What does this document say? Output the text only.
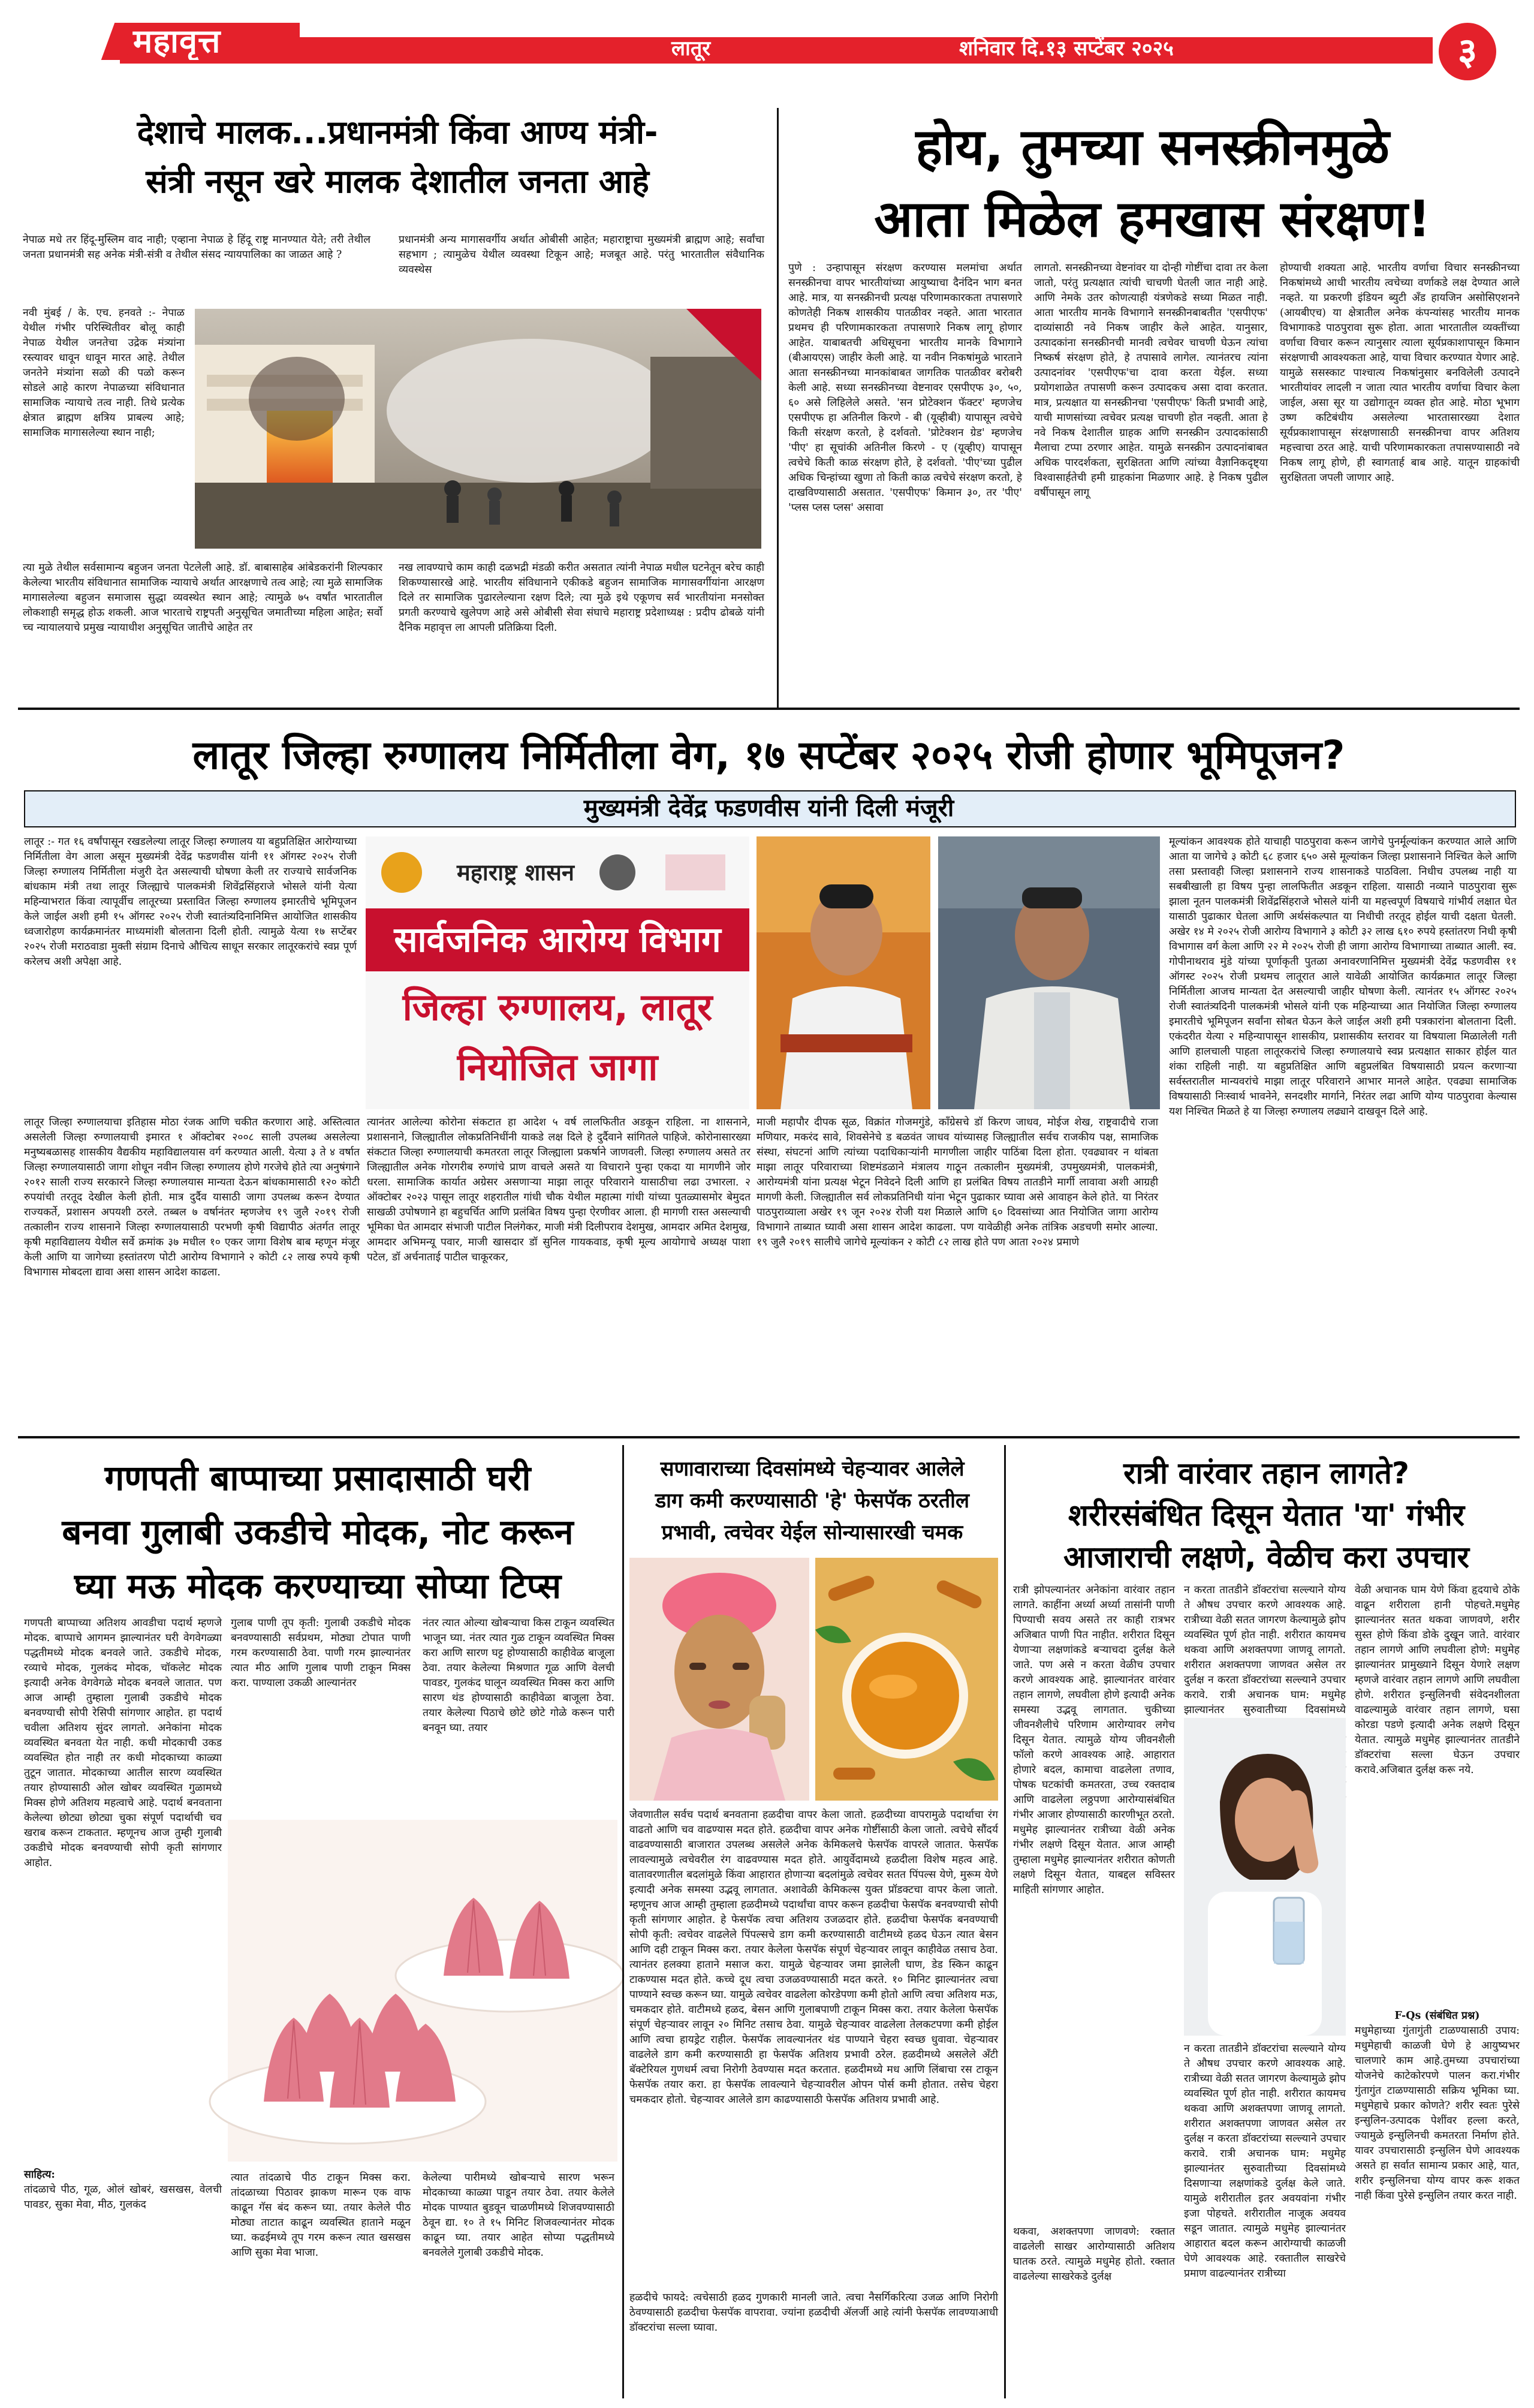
महावृत्त	लातूर	शनिवार दि.१३ सप्टेंबर २०२५	३
देशाचे मालक...प्रधानमंत्री किंवा आण्य मंत्री-
संत्री नसून खरे मालक देशातील जनता आहे

नेपाळ मधे तर हिंदू-मुस्लिम वाद नाही; एव्हाना नेपाळ हे हिंदू राष्ट्र मानण्यात येते; तरी तेथील जनता प्रधानमंत्री सह अनेक मंत्री-संत्री व तेथील संसद न्यायपालिका का जाळत आहे ?

प्रधानमंत्री अन्य मागासवर्गीय अर्थात ओबीसी आहेत; महाराष्ट्राचा मुख्यमंत्री ब्राह्मण आहे; सर्वांचा सहभाग ; त्यामुळेच येथील व्यवस्था टिकून आहे; मजबूत आहे. परंतु भारतातील संवैधानिक व्यवस्थेस

नवी मुंबई / के. एच. हनवते :- नेपाळ येथील गंभीर परिस्थितीवर बोलू काही नेपाळ येथील जनतेचा उद्रेक मंत्र्यांना रस्त्यावर धावून धावून मारत आहे. तेथील जनतेने मंत्र्यांना सळो की पळो करून सोडले आहे कारण नेपाळच्या संविधानात सामाजिक न्यायाचे तत्व नाही. तिथे प्रत्येक क्षेत्रात ब्राह्मण क्षत्रिय प्राबल्य आहे; सामाजिक मागासलेल्या स्थान नाही;

त्या मुळे तेथील सर्वसामान्य बहुजन जनता पेटलेली आहे. डॉ. बाबासाहेब आंबेडकरांनी शिल्पकार केलेल्या भारतीय संविधानात सामाजिक न्यायाचे अर्थात आरक्षणाचे तत्व आहे; त्या मुळे सामाजिक मागासलेल्या बहुजन समाजास सुद्धा व्यवस्थेत स्थान आहे; त्यामुळे ७५ वर्षांत भारतातील लोकशाही समृद्ध होऊ शकली. आज भारताचे राष्ट्रपती अनुसूचित जमातीच्या महिला आहेत; सर्वो च्च न्यायालयाचे प्रमुख न्यायाधीश अनुसूचित जातीचे आहेत तर

नख लावण्याचे काम काही दळभद्री मंडळी करीत असतात त्यांनी नेपाळ मधील घटनेतून बरेच काही शिकण्यासारखे आहे. भारतीय संविधानाने एकीकडे बहुजन सामाजिक मागासवर्गीयांना आरक्षण दिले तर सामाजिक पुढारलेल्याना रक्षण दिले; त्या मुळे इथे एकूणच सर्व भारतीयांना मनसोक्त प्रगती करण्याचे खुलेपण आहे असे ओबीसी सेवा संघाचे महाराष्ट्र प्रदेशाध्यक्ष : प्रदीप ढोबळे यांनी दैनिक महावृत्त ला आपली प्रतिक्रिया दिली.

होय, तुमच्या सनस्क्रीनमुळे
आता मिळेल हमखास संरक्षण!

पुणे : उन्हापासून संरक्षण करण्यास मलमांचा अर्थात सनस्क्रीनचा वापर भारतीयांच्या आयुष्याचा दैनंदिन भाग बनत आहे. मात्र, या सनस्क्रीनची प्रत्यक्ष परिणामकारकता तपासणारे कोणतेही निकष शासकीय पातळीवर नव्हते. आता भारतात प्रथमच ही परिणामकारकता तपासणारे निकष लागू होणार आहेत. याबाबतची अधिसूचना भारतीय मानके विभागाने (बीआयएस) जाहीर केली आहे. या नवीन निकषांमुळे भारताने आता सनस्क्रीनच्या मानकांबाबत जागतिक पातळीवर बरोबरी केली आहे. सध्या सनस्क्रीनच्या वेष्टनावर एसपीएफ ३०, ५०, ६० असे लिहिलेले असते. 'सन प्रोटेक्शन फॅक्टर' म्हणजेच एसपीएफ हा अतिनील किरणे - बी (यूव्हीबी) यापासून त्वचेचे किती संरक्षण करतो, हे दर्शवतो. 'प्रोटेक्शन ग्रेड' म्हणजेच 'पीए' हा सूचांकी अतिनील किरणे - ए (यूव्हीए) यापासून त्वचेचे किती काळ संरक्षण होते, हे दर्शवतो. 'पीए'च्या पुढील अधिक चिन्हांच्या खुणा तो किती काळ त्वचेचे संरक्षण करतो, हे दाखविण्यासाठी असतात. 'एसपीएफ' किमान ३०, तर 'पीए' 'प्लस प्लस प्लस' असावा

लागतो. सनस्क्रीनच्या वेष्टनांवर या दोन्ही गोष्टींचा दावा तर केला जातो, परंतु प्रत्यक्षात त्यांची चाचणी घेतली जात नाही आहे. आणि नेमके उतर कोणत्याही यंत्रणेकडे सध्या मिळत नाही. आता भारतीय मानके विभागाने सनस्क्रीनबाबतीत 'एसपीएफ' दाव्यांसाठी नवे निकष जाहीर केले आहेत. यानुसार, उत्पादकांना सनस्क्रीनची मानवी त्वचेवर चाचणी घेऊन त्यांचा निष्कर्ष संरक्षण होते, हे तपासावे लागेल. त्यानंतरच त्यांना उत्पादनांवर 'एसपीएफ'चा दावा करता येईल. सध्या प्रयोगशाळेत तपासणी करून उत्पादकच असा दावा करतात. मात्र, प्रत्यक्षात या सनस्क्रीनचा 'एसपीएफ' किती प्रभावी आहे, याची माणसांच्या त्वचेवर प्रत्यक्ष चाचणी होत नव्हती. आता हे नवे निकष देशातील ग्राहक आणि सनस्क्रीन उत्पादकांसाठी मैलाचा टप्पा ठरणार आहेत. यामुळे सनस्क्रीन उत्पादनांबाबत अधिक पारदर्शकता, सुरक्षितता आणि त्यांच्या वैज्ञानिकदृष्ट्या विश्वासार्हतेची हमी ग्राहकांना मिळणार आहे. हे निकष पुढील वर्षीपासून लागू

होण्याची शक्यता आहे. भारतीय वर्णाचा विचार सनस्क्रीनच्या निकषांमध्ये आधी भारतीय त्वचेच्या वर्णाकडे लक्ष देण्यात आले नव्हते. या प्रकरणी इंडियन ब्युटी अँड हायजिन असोसिएशनने (आयबीएच) या क्षेत्रातील अनेक कंपन्यांसह भारतीय मानक विभागाकडे पाठपुरावा सुरू होता. आता भारतातील व्यक्तींच्या वर्णाचा विचार करून त्यानुसार त्याला सूर्यप्रकाशापासून किमान संरक्षणाची आवश्यकता आहे, याचा विचार करण्यात येणार आहे. यामुळे ससस्काट पाश्चात्य निकषांनुसार बनविलेली उत्पादने भारतीयांवर लादली न जाता त्यात भारतीय वर्णाचा विचार केला जाईल, असा सूर या उद्योगातून व्यक्त होत आहे. मोठा भूभाग उष्ण कटिबंधीय असलेल्या भारतासारख्या देशात सूर्यप्रकाशापासून संरक्षणासाठी सनस्क्रीनचा वापर अतिशय महत्त्वाचा ठरत आहे. याची परिणामकारकता तपासण्यासाठी नवे निकष लागू होणे, ही स्वागतार्ह बाब आहे. यातून ग्राहकांची सुरक्षितता जपली जाणार आहे.

लातूर जिल्हा रुग्णालय निर्मितीला वेग, १७ सप्टेंबर २०२५ रोजी होणार भूमिपूजन?
मुख्यमंत्री देवेंद्र फडणवीस यांनी दिली मंजूरी

लातूर :- गत १६ वर्षांपासून रखडलेल्या लातूर जिल्हा रुग्णालय या बहुप्रतिक्षित आरोग्याच्या निर्मितीला वेग आला असून मुख्यमंत्री देवेंद्र फडणवीस यांनी ११ ऑगस्ट २०२५ रोजी जिल्हा रुग्णालय निर्मितीला मंजुरी देत असल्याची घोषणा केली तर राज्याचे सार्वजनिक बांधकाम मंत्री तथा लातूर जिल्ह्याचे पालकमंत्री शिवेंद्रसिंहराजे भोसले यांनी येत्या महिन्याभरात किंवा त्यापूर्वीच लातूरच्या प्रस्तावित जिल्हा रुग्णालय इमारतीचे भूमिपूजन केले जाईल अशी हमी १५ ऑगस्ट २०२५ रोजी स्वातंत्र्यदिनानिमित्त आयोजित शासकीय ध्वजारोहण कार्यक्रमानंतर माध्यमांशी बोलताना दिली होती. त्यामुळे येत्या १७ सप्टेंबर २०२५ रोजी मराठवाडा मुक्ती संग्राम दिनाचे औचित्य साधून सरकार लातूरकरांचे स्वप्न पूर्ण करेलच अशी अपेक्षा आहे.

लातूर जिल्हा रुग्णालयाचा इतिहास मोठा रंजक आणि चकीत करणारा आहे. अस्तित्वात असलेली जिल्हा रुग्णालयाची इमारत १ ऑक्टोबर २००८ साली उपलब्ध असलेल्या मनुष्यबळासह शासकीय वैद्यकीय महाविद्यालयास वर्ग करण्यात आली. येत्या ३ ते ४ वर्षात जिल्हा रुग्णालयासाठी जागा शोधून नवीन जिल्हा रुग्णालय होणे गरजेचे होते त्या अनुषंगाने २०१२ साली राज्य सरकारने जिल्हा रुग्णालयास मान्यता देऊन बांधकामासाठी १२० कोटी रुपयांची तरतूद देखील केली होती. मात्र दुर्दैव यासाठी जागा उपलब्ध करून देण्यात राज्यकर्ते, प्रशासन अपयशी ठरले. तब्बल ७ वर्षानंतर म्हणजेच १९ जुलै २०१९ रोजी तत्कालीन राज्य शासनाने जिल्हा रुग्णालयासाठी परभणी कृषी विद्यापीठ अंतर्गत लातूर कृषी महाविद्यालय येथील सर्वे क्रमांक ३७ मधील १० एकर जागा विशेष बाब म्हणून मंजूर केली आणि या जागेच्या हस्तांतरण पोटी आरोग्य विभागाने २ कोटी ८२ लाख रुपये कृषी विभागास मोबदला द्यावा असा शासन आदेश काढला.

महाराष्ट्र शासन
सार्वजनिक आरोग्य विभाग
जिल्हा रुग्णालय, लातूर
नियोजित जागा

त्यानंतर आलेल्या कोरोना संकटात हा आदेश ५ वर्ष लालफितीत अडकून राहिला. ना शासनाने, प्रशासनाने, जिल्ह्यातील लोकप्रतिनिधींनी याकडे लक्ष दिले हे दुर्दैवाने सांगितले पाहिजे. कोरोनासारख्या संकटात जिल्हा रुग्णालयाची कमतरता लातूर जिल्ह्याला प्रकर्षाने जाणवली. जिल्हा रुग्णालय असते तर जिल्ह्यातील अनेक गोरगरीब रुग्णांचे प्राण वाचले असते या विचाराने पुन्हा एकदा या मागणीने जोर धरला. सामाजिक कार्यात अग्रेसर असणाऱ्या माझा लातूर परिवाराने यासाठीचा लढा उभारला. २ ऑक्टोबर २०२३ पासून लातूर शहरातील गांधी चौक येथील महात्मा गांधी यांच्या पुतळ्यासमोर बेमुदत साखळी उपोषणाने हा बहुचर्चित आणि प्रलंबित विषय पुन्हा ऐरणीवर आला. ही मागणी रास्त असल्याची भूमिका घेत आमदार संभाजी पाटील निलंगेकर, माजी मंत्री दिलीपराव देशमुख, आमदार अमित देशमुख, आमदार अभिमन्यू पवार, माजी खासदार डॉ सुनिल गायकवाड, कृषी मूल्य आयोगाचे अध्यक्ष पाशा पटेल, डॉ अर्चनाताई पाटील चाकूरकर,

माजी महापौर दीपक सूळ, विक्रांत गोजमगुंडे, कॉंग्रेसचे डॉ किरण जाधव, मोईज शेख, राष्ट्रवादीचे राजा मणियार, मकरंद सावे, शिवसेनेचे ड बळवंत जाधव यांच्यासह जिल्ह्यातील सर्वच राजकीय पक्ष, सामाजिक संस्था, संघटनां आणि त्यांच्या पदाधिकाऱ्यांनी मागणीला जाहीर पाठिंबा दिला होता. एवढ्यावर न थांबता माझा लातूर परिवाराच्या शिष्टमंडळाने मंत्रालय गाठून तत्कालीन मुख्यमंत्री, उपमुख्यमंत्री, पालकमंत्री, आरोग्यमंत्री यांना प्रत्यक्ष भेटून निवेदने दिली आणि हा प्रलंबित विषय तातडीने मार्गी लावावा अशी आग्रही मागणी केली. जिल्ह्यातील सर्व लोकप्रतिनिधी यांना भेटून पुढाकार घ्यावा असे आवाहन केले होते. या निरंतर पाठपुराव्याला अखेर १९ जून २०२४ रोजी यश मिळाले आणि ६० दिवसांच्या आत नियोजित जागा आरोग्य विभागाने ताब्यात घ्यावी असा शासन आदेश काढला. पण यावेळीही अनेक तांत्रिक अडचणी समोर आल्या. १९ जुलै २०१९ सालीचे जागेचे मूल्यांकन २ कोटी ८२ लाख होते पण आता २०२४ प्रमाणे

मूल्यांकन आवश्यक होते याचाही पाठपुरावा करून जागेचे पुनर्मूल्यांकन करण्यात आले आणि आता या जागेचे ३ कोटी ६८ हजार ६५० असे मूल्यांकन जिल्हा प्रशासनाने निश्चित केले आणि तसा प्रस्तावही जिल्हा प्रशासनाने राज्य शासनाकडे पाठविला. निधीच उपलब्ध नाही या सबबीखाली हा विषय पुन्हा लालफितीत अडकून राहिला. यासाठी नव्याने पाठपुरावा सुरू झाला नूतन पालकमंत्री शिवेंद्रसिंहराजे भोसले यांनी या महत्त्वपूर्ण विषयाचे गांभीर्य लक्षात घेत यासाठी पुढाकार घेतला आणि अर्थसंकल्पात या निधीची तरतूद होईल याची दक्षता घेतली. अखेर १४ मे २०२५ रोजी आरोग्य विभागाने ३ कोटी ३२ लाख ६१० रुपये हस्तांतरण निधी कृषी विभागास वर्ग केला आणि २२ मे २०२५ रोजी ही जागा आरोग्य विभागाच्या ताब्यात आली. स्व. गोपीनाथराव मुंडे यांच्या पूर्णाकृती पुतळा अनावरणानिमित्त मुख्यमंत्री देवेंद्र फडणवीस ११ ऑगस्ट २०२५ रोजी प्रथमच लातूरात आले यावेळी आयोजित कार्यक्रमात लातूर जिल्हा निर्मितीला आजच मान्यता देत असल्याची जाहीर घोषणा केली. त्यानंतर १५ ऑगस्ट २०२५ रोजी स्वातंत्र्यदिनी पालकमंत्री भोसले यांनी एक महिन्याच्या आत नियोजित जिल्हा रुग्णालय इमारतीचे भूमिपूजन सर्वांना सोबत घेऊन केले जाईल अशी हमी पत्रकारांना बोलताना दिली. एकंदरीत येत्या २ महिन्यापासून शासकीय, प्रशासकीय स्तरावर या विषयाला मिळालेली गती आणि हालचाली पाहता लातूरकरांचे जिल्हा रुग्णालयाचे स्वप्न प्रत्यक्षात साकार होईल यात शंका राहिली नाही. या बहुप्रतिक्षित आणि बहुप्रलंबित विषयासाठी प्रयत्न करणाऱ्या सर्वस्तरातील मान्यवरांचे माझा लातूर परिवाराने आभार मानले आहेत. एवढ्या सामाजिक विषयासाठी निःस्वार्थ भावनेने, सनदशीर मार्गाने, निरंतर लढा आणि योग्य पाठपुरावा केल्यास यश निश्चित मिळते हे या जिल्हा रुग्णालय लढ्याने दाखवून दिले आहे.

गणपती बाप्पाच्या प्रसादासाठी घरी
बनवा गुलाबी उकडीचे मोदक, नोट करून
घ्या मऊ मोदक करण्याच्या सोप्या टिप्स

गणपती बाप्पाच्या अतिशय आवडीचा पदार्थ म्हणजे मोदक. बाप्पाचे आगमन झाल्यानंतर घरी वेगवेगळ्या पद्धतीमध्ये मोदक बनवले जाते. उकडीचे मोदक, रव्याचे मोदक, गुलकंद मोदक, चॉकलेट मोदक इत्यादी अनेक वेगवेगळे मोदक बनवले जातात. पण आज आम्ही तुम्हाला गुलाबी उकडीचे मोदक बनवण्याची सोपी रेसिपी सांगणार आहोत. हा पदार्थ चवीला अतिशय सुंदर लागतो. अनेकांना मोदक व्यवस्थित बनवता येत नाही. कधी मोदकाची उकड व्यवस्थित होत नाही तर कधी मोदकाच्या काळ्या तुटून जातात. मोदकाच्या आतील सारण व्यवस्थित तयार होण्यासाठी ओल खोबर व्यवस्थित गुळामध्ये मिक्स होणे अतिशय महत्वाचे आहे. पदार्थ बनवताना केलेल्या छोट्या छोट्या चुका संपूर्ण पदार्थाची चव खराब करून टाकतात. म्हणूनच आज तुम्ही गुलाबी उकडीचे मोदक बनवण्याची सोपी कृती सांगणार आहोत.

साहित्य:

तांदळाचे पीठ, गूळ, ओलं खोबरं, खसखस, वेलची पावडर, सुका मेवा, मीठ, गुलकंद

गुलाब पाणी तूप कृती: गुलाबी उकडीचे मोदक बनवण्यासाठी सर्वप्रथम, मोठ्या टोपात पाणी गरम करण्यासाठी ठेवा. पाणी गरम झाल्यानंतर त्यात मीठ आणि गुलाब पाणी टाकून मिक्स करा. पाण्याला उकळी आल्यानंतर

नंतर त्यात ओल्या खोबऱ्याचा किस टाकून व्यवस्थित भाजून घ्या. नंतर त्यात गुळ टाकून व्यवस्थित मिक्स करा आणि सारण घट्ट होण्यासाठी काहीवेळ बाजूला ठेवा. तयार केलेल्या मिश्रणात गूळ आणि वेलची पावडर, गुलकंद घालून व्यवस्थित मिक्स करा आणि सारण थंड होण्यासाठी काहीवेळा बाजूला ठेवा. तयार केलेल्या पिठाचे छोटे छोटे गोळे करून पारी बनवून घ्या. तयार

त्यात तांदळाचे पीठ टाकून मिक्स करा. तांदळाच्या पिठावर झाकण मारून एक वाफ काढून गॅस बंद करून घ्या. तयार केलेले पीठ मोठ्या ताटात काढून व्यवस्थित हाताने मळून घ्या. कढईमध्ये तूप गरम करून त्यात खसखस आणि सुका मेवा भाजा.

केलेल्या पारीमध्ये खोबऱ्याचे सारण भरून मोदकाच्या काळ्या पाडून तयार ठेवा. तयार केलेले मोदक पाण्यात बुडवून चाळणीमध्ये शिजवण्यासाठी ठेवून द्या. १० ते १५ मिनिट शिजवल्यानंतर मोदक काढून घ्या. तयार आहेत सोप्या पद्धतीमध्ये बनवलेले गुलाबी उकडीचे मोदक.

सणावाराच्या दिवसांमध्ये चेहऱ्यावर आलेले
डाग कमी करण्यासाठी 'हे' फेसपॅक ठरतील
प्रभावी, त्वचेवर येईल सोन्यासारखी चमक

जेवणातील सर्वच पदार्थ बनवताना हळदीचा वापर केला जातो. हळदीच्या वापरामुळे पदार्थाचा रंग वाढतो आणि चव वाढण्यास मदत होते. हळदीचा वापर अनेक गोष्टींसाठी केला जातो. त्वचेचे सौंदर्य वाढवण्यासाठी बाजारात उपलब्ध असलेले अनेक केमिकलचे फेसपॅक वापरले जातात. फेसपॅक लावल्यामुळे त्वचेवरील रंग वाढवण्यास मदत होते. आयुर्वेदामध्ये हळदीला विशेष महत्व आहे. वातावरणातील बदलांमुळे किंवा आहारात होणाऱ्या बदलांमुळे त्वचेवर सतत पिंपल्स येणे, मुरूम येणे इत्यादी अनेक समस्या उद्भवू लागतात. अशावेळी केमिकल्स युक्त प्रॉडक्टचा वापर केला जातो. म्हणूनच आज आम्ही तुम्हाला हळदीमध्ये पदार्थांचा वापर करून हळदीचा फेसपॅक बनवण्याची सोपी कृती सांगणार आहोत. हे फेसपॅक त्वचा अतिशय उजळदार होते. हळदीचा फेसपॅक बनवण्याची सोपी कृती: त्वचेवर वाढलेले पिंपल्सचे डाग कमी करण्यासाठी वाटीमध्ये हळद घेऊन त्यात बेसन आणि दही टाकून मिक्स करा. तयार केलेला फेसपॅक संपूर्ण चेहऱ्यावर लावून काहीवेळ तसाच ठेवा. त्यानंतर हलक्या हाताने मसाज करा. यामुळे चेहऱ्यावर जमा झालेली घाण, डेड स्किन काढून टाकण्यास मदत होते. कच्चे दूध त्वचा उजळवण्यासाठी मदत करते. १० मिनिट झाल्यानंतर त्वचा पाण्याने स्वच्छ करून घ्या. यामुळे त्वचेवर वाढलेला कोरडेपणा कमी होतो आणि त्वचा अतिशय मऊ, चमकदार होते. वाटीमध्ये हळद, बेसन आणि गुलाबपाणी टाकून मिक्स करा. तयार केलेला फेसपॅक संपूर्ण चेहऱ्यावर लावून २० मिनिट तसाच ठेवा. यामुळे चेहऱ्यावर वाढलेला तेलकटपणा कमी होईल आणि त्वचा हायड्रेट राहील. फेसपॅक लावल्यानंतर थंड पाण्याने चेहरा स्वच्छ धुवावा. चेहऱ्यावर वाढलेले डाग कमी करण्यासाठी हा फेसपॅक अतिशय प्रभावी ठरेल. हळदीमध्ये असलेले अँटी बॅक्टेरियल गुणधर्म त्वचा निरोगी ठेवण्यास मदत करतात. हळदीमध्ये मध आणि लिंबाचा रस टाकून फेसपॅक तयार करा. हा फेसपॅक लावल्याने चेहऱ्यावरील ओपन पोर्स कमी होतात. तसेच चेहरा चमकदार होतो. चेहऱ्यावर आलेले डाग काढण्यासाठी फेसपॅक अतिशय प्रभावी आहे.

हळदीचे फायदे: त्वचेसाठी हळद गुणकारी मानली जाते. त्वचा नैसर्गिकरित्या उजळ आणि निरोगी ठेवण्यासाठी हळदीचा फेसपॅक वापरावा. ज्यांना हळदीची ॲलर्जी आहे त्यांनी फेसपॅक लावण्याआधी डॉक्टरांचा सल्ला घ्यावा.

रात्री वारंवार तहान लागते?
शरीरसंबंधित दिसून येतात 'या' गंभीर
आजाराची लक्षणे, वेळीच करा उपचार

रात्री झोपल्यानंतर अनेकांना वारंवार तहान लागते. काहींना अर्ध्या अर्ध्या तासांनी पाणी पिण्याची सवय असते तर काही रात्रभर अजिबात पाणी पित नाहीत. शरीरात दिसून येणाऱ्या लक्षणांकडे बऱ्याचदा दुर्लक्ष केले जाते. पण असे न करता वेळीच उपचार करणे आवश्यक आहे. झाल्यानंतर वारंवार तहान लागणे, लघवीला होणे इत्यादी अनेक समस्या उद्भवू लागतात. चुकीच्या जीवनशैलीचे परिणाम आरोग्यावर लगेच दिसून येतात. त्यामुळे योग्य जीवनशैली फॉलो करणे आवश्यक आहे. आहारात होणारे बदल, कामाचा वाढलेला तणाव, पोषक घटकांची कमतरता, उच्च रक्तदाब आणि वाढलेला लठ्ठपणा आरोग्यासंबंधित गंभीर आजार होण्यासाठी कारणीभूत ठरतो. मधुमेह झाल्यानंतर रात्रीच्या वेळी अनेक गंभीर लक्षणे दिसून येतात. आज आम्ही तुम्हाला मधुमेह झाल्यानंतर शरीरात कोणती लक्षणे दिसून येतात, याबद्दल सविस्तर माहिती सांगणार आहोत.

थकवा, अशक्तपणा जाणवणे: रक्तात वाढलेली साखर आरोग्यासाठी अतिशय घातक ठरते. त्यामुळे मधुमेह होतो. रक्तात वाढलेल्या साखरेकडे दुर्लक्ष

न करता तातडीने डॉक्टरांचा सल्ल्याने योग्य ते औषध उपचार करणे आवश्यक आहे. रात्रीच्या वेळी सतत जागरण केल्यामुळे झोप व्यवस्थित पूर्ण होत नाही. शरीरात कायमच थकवा आणि अशक्तपणा जाणवू लागतो. शरीरात अशक्तपणा जाणवत असेल तर दुर्लक्ष न करता डॉक्टरांच्या सल्ल्याने उपचार करावे. रात्री अचानक घाम: मधुमेह झाल्यानंतर सुरुवातीच्या दिवसांमध्ये

वेळी अचानक घाम येणे किंवा हृदयाचे ठोके वाढून शरीराला हानी पोहचते.मधुमेह झाल्यानंतर सतत थकवा जाणवणे, शरीर सुस्त होणे किंवा डोके दुखून जाते. वारंवार तहान लागणे आणि लघवीला होणे: मधुमेह झाल्यानंतर प्रामुख्याने दिसून येणारे लक्षण म्हणजे वारंवार तहान लागणे आणि लघवीला होणे. शरीरात इन्सुलिनची संवेदनशीलता वाढल्यामुळे वारंवार तहान लागणे, घसा कोरडा पडणे इत्यादी अनेक लक्षणे दिसून येतात. त्यामुळे मधुमेह झाल्यानंतर तातडीने डॉक्टरांचा सल्ला घेऊन उपचार करावे.अजिबात दुर्लक्ष करू नये.

न करता तातडीने डॉक्टरांचा सल्ल्याने योग्य ते औषध उपचार करणे आवश्यक आहे. रात्रीच्या वेळी सतत जागरण केल्यामुळे झोप व्यवस्थित पूर्ण होत नाही. शरीरात कायमच थकवा आणि अशक्तपणा जाणवू लागतो. शरीरात अशक्तपणा जाणवत असेल तर दुर्लक्ष न करता डॉक्टरांच्या सल्ल्याने उपचार करावे. रात्री अचानक घाम: मधुमेह झाल्यानंतर सुरुवातीच्या दिवसांमध्ये दिसणाऱ्या लक्षणांकडे दुर्लक्ष केले जाते. यामुळे शरीरातील इतर अवयवांना गंभीर इजा पोहचते. शरीरातील नाजूक अवयव सडून जातात. त्यामुळे मधुमेह झाल्यानंतर आहारात बदल करून आरोग्याची काळजी घेणे आवश्यक आहे. रक्तातील साखरेचे प्रमाण वाढल्यानंतर रात्रीच्या

F-Qs (संबंधित प्रश्न)

मधुमेहाच्या गुंतागुंती टाळण्यासाठी उपाय: मधुमेहाची काळजी घेणे हे आयुष्यभर चालणारे काम आहे.तुमच्या उपचारांच्या योजनेचे काटेकोरपणे पालन करा.गंभीर गुंतागुंत टाळण्यासाठी सक्रिय भूमिका घ्या. मधुमेहाचे प्रकार कोणते? शरीर स्वतः पुरेसे इन्सुलिन-उत्पादक पेशींवर हल्ला करते, ज्यामुळे इन्सुलिनची कमतरता निर्माण होते. यावर उपचारासाठी इन्सुलिन घेणे आवश्यक असते हा सर्वात सामान्य प्रकार आहे, यात, शरीर इन्सुलिनचा योग्य वापर करू शकत नाही किंवा पुरेसे इन्सुलिन तयार करत नाही.
